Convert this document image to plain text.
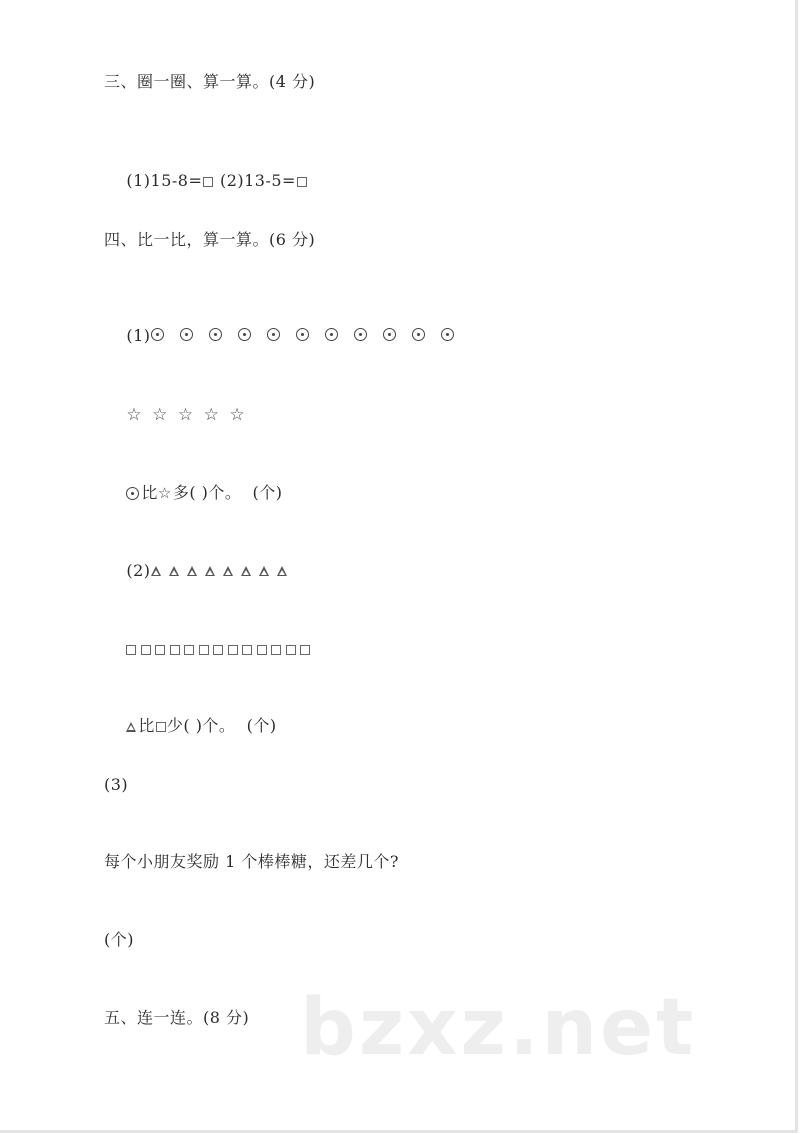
三、圈一圈、算一算。(4 分)

(1)15-8= (2)13-5=

四、比一比，算一算。(6 分)

(1)

☆ ☆ ☆ ☆ ☆

比☆多( )个。  (个)

(2)

比 少( )个。  (个)

(3)
每个小朋友奖励 1 个棒棒糖，还差几个?
(个)
五、连一连。(8 分) bzxz.net
